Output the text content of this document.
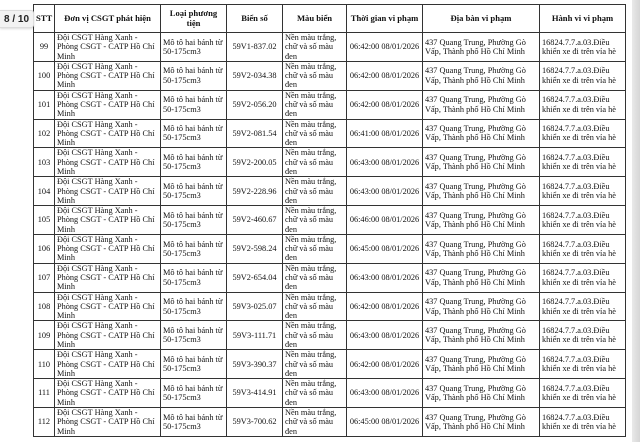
8 / 10 STT	Đơn vị CSGT phát hiện	Loại phương tiện	Biển số	Màu biển	Thời gian vi phạm	Địa bàn vi phạm	Hành vi vi phạm
99	Đội CSGT Hàng Xanh - Phòng CSGT - CATP Hồ Chí Minh	Mô tô hai bánh từ 50-175cm3	59V1-837.02	Nền màu trắng, chữ và số màu đen	06:42:00 08/01/2026	437 Quang Trung, Phường Gò Vấp, Thành phố Hồ Chí Minh	16824.7.7.a.03.Điều khiển xe đi trên vỉa hè
100	Đội CSGT Hàng Xanh - Phòng CSGT - CATP Hồ Chí Minh	Mô tô hai bánh từ 50-175cm3	59V2-034.38	Nền màu trắng, chữ và số màu đen	06:42:00 08/01/2026	437 Quang Trung, Phường Gò Vấp, Thành phố Hồ Chí Minh	16824.7.7.a.03.Điều khiển xe đi trên vỉa hè
101	Đội CSGT Hàng Xanh - Phòng CSGT - CATP Hồ Chí Minh	Mô tô hai bánh từ 50-175cm3	59V2-056.20	Nền màu trắng, chữ và số màu đen	06:42:00 08/01/2026	437 Quang Trung, Phường Gò Vấp, Thành phố Hồ Chí Minh	16824.7.7.a.03.Điều khiển xe đi trên vỉa hè
102	Đội CSGT Hàng Xanh - Phòng CSGT - CATP Hồ Chí Minh	Mô tô hai bánh từ 50-175cm3	59V2-081.54	Nền màu trắng, chữ và số màu đen	06:41:00 08/01/2026	437 Quang Trung, Phường Gò Vấp, Thành phố Hồ Chí Minh	16824.7.7.a.03.Điều khiển xe đi trên vỉa hè
103	Đội CSGT Hàng Xanh - Phòng CSGT - CATP Hồ Chí Minh	Mô tô hai bánh từ 50-175cm3	59V2-200.05	Nền màu trắng, chữ và số màu đen	06:43:00 08/01/2026	437 Quang Trung, Phường Gò Vấp, Thành phố Hồ Chí Minh	16824.7.7.a.03.Điều khiển xe đi trên vỉa hè
104	Đội CSGT Hàng Xanh - Phòng CSGT - CATP Hồ Chí Minh	Mô tô hai bánh từ 50-175cm3	59V2-228.96	Nền màu trắng, chữ và số màu đen	06:43:00 08/01/2026	437 Quang Trung, Phường Gò Vấp, Thành phố Hồ Chí Minh	16824.7.7.a.03.Điều khiển xe đi trên vỉa hè
105	Đội CSGT Hàng Xanh - Phòng CSGT - CATP Hồ Chí Minh	Mô tô hai bánh từ 50-175cm3	59V2-460.67	Nền màu trắng, chữ và số màu đen	06:46:00 08/01/2026	437 Quang Trung, Phường Gò Vấp, Thành phố Hồ Chí Minh	16824.7.7.a.03.Điều khiển xe đi trên vỉa hè
106	Đội CSGT Hàng Xanh - Phòng CSGT - CATP Hồ Chí Minh	Mô tô hai bánh từ 50-175cm3	59V2-598.24	Nền màu trắng, chữ và số màu đen	06:45:00 08/01/2026	437 Quang Trung, Phường Gò Vấp, Thành phố Hồ Chí Minh	16824.7.7.a.03.Điều khiển xe đi trên vỉa hè
107	Đội CSGT Hàng Xanh - Phòng CSGT - CATP Hồ Chí Minh	Mô tô hai bánh từ 50-175cm3	59V2-654.04	Nền màu trắng, chữ và số màu đen	06:43:00 08/01/2026	437 Quang Trung, Phường Gò Vấp, Thành phố Hồ Chí Minh	16824.7.7.a.03.Điều khiển xe đi trên vỉa hè
108	Đội CSGT Hàng Xanh - Phòng CSGT - CATP Hồ Chí Minh	Mô tô hai bánh từ 50-175cm3	59V3-025.07	Nền màu trắng, chữ và số màu đen	06:42:00 08/01/2026	437 Quang Trung, Phường Gò Vấp, Thành phố Hồ Chí Minh	16824.7.7.a.03.Điều khiển xe đi trên vỉa hè
109	Đội CSGT Hàng Xanh - Phòng CSGT - CATP Hồ Chí Minh	Mô tô hai bánh từ 50-175cm3	59V3-111.71	Nền màu trắng, chữ và số màu đen	06:43:00 08/01/2026	437 Quang Trung, Phường Gò Vấp, Thành phố Hồ Chí Minh	16824.7.7.a.03.Điều khiển xe đi trên vỉa hè
110	Đội CSGT Hàng Xanh - Phòng CSGT - CATP Hồ Chí Minh	Mô tô hai bánh từ 50-175cm3	59V3-390.37	Nền màu trắng, chữ và số màu đen	06:42:00 08/01/2026	437 Quang Trung, Phường Gò Vấp, Thành phố Hồ Chí Minh	16824.7.7.a.03.Điều khiển xe đi trên vỉa hè
111	Đội CSGT Hàng Xanh - Phòng CSGT - CATP Hồ Chí Minh	Mô tô hai bánh từ 50-175cm3	59V3-414.91	Nền màu trắng, chữ và số màu đen	06:43:00 08/01/2026	437 Quang Trung, Phường Gò Vấp, Thành phố Hồ Chí Minh	16824.7.7.a.03.Điều khiển xe đi trên vỉa hè
112	Đội CSGT Hàng Xanh - Phòng CSGT - CATP Hồ Chí Minh	Mô tô hai bánh từ 50-175cm3	59V3-700.62	Nền màu trắng, chữ và số màu đen	06:45:00 08/01/2026	437 Quang Trung, Phường Gò Vấp, Thành phố Hồ Chí Minh	16824.7.7.a.03.Điều khiển xe đi trên vỉa hè
